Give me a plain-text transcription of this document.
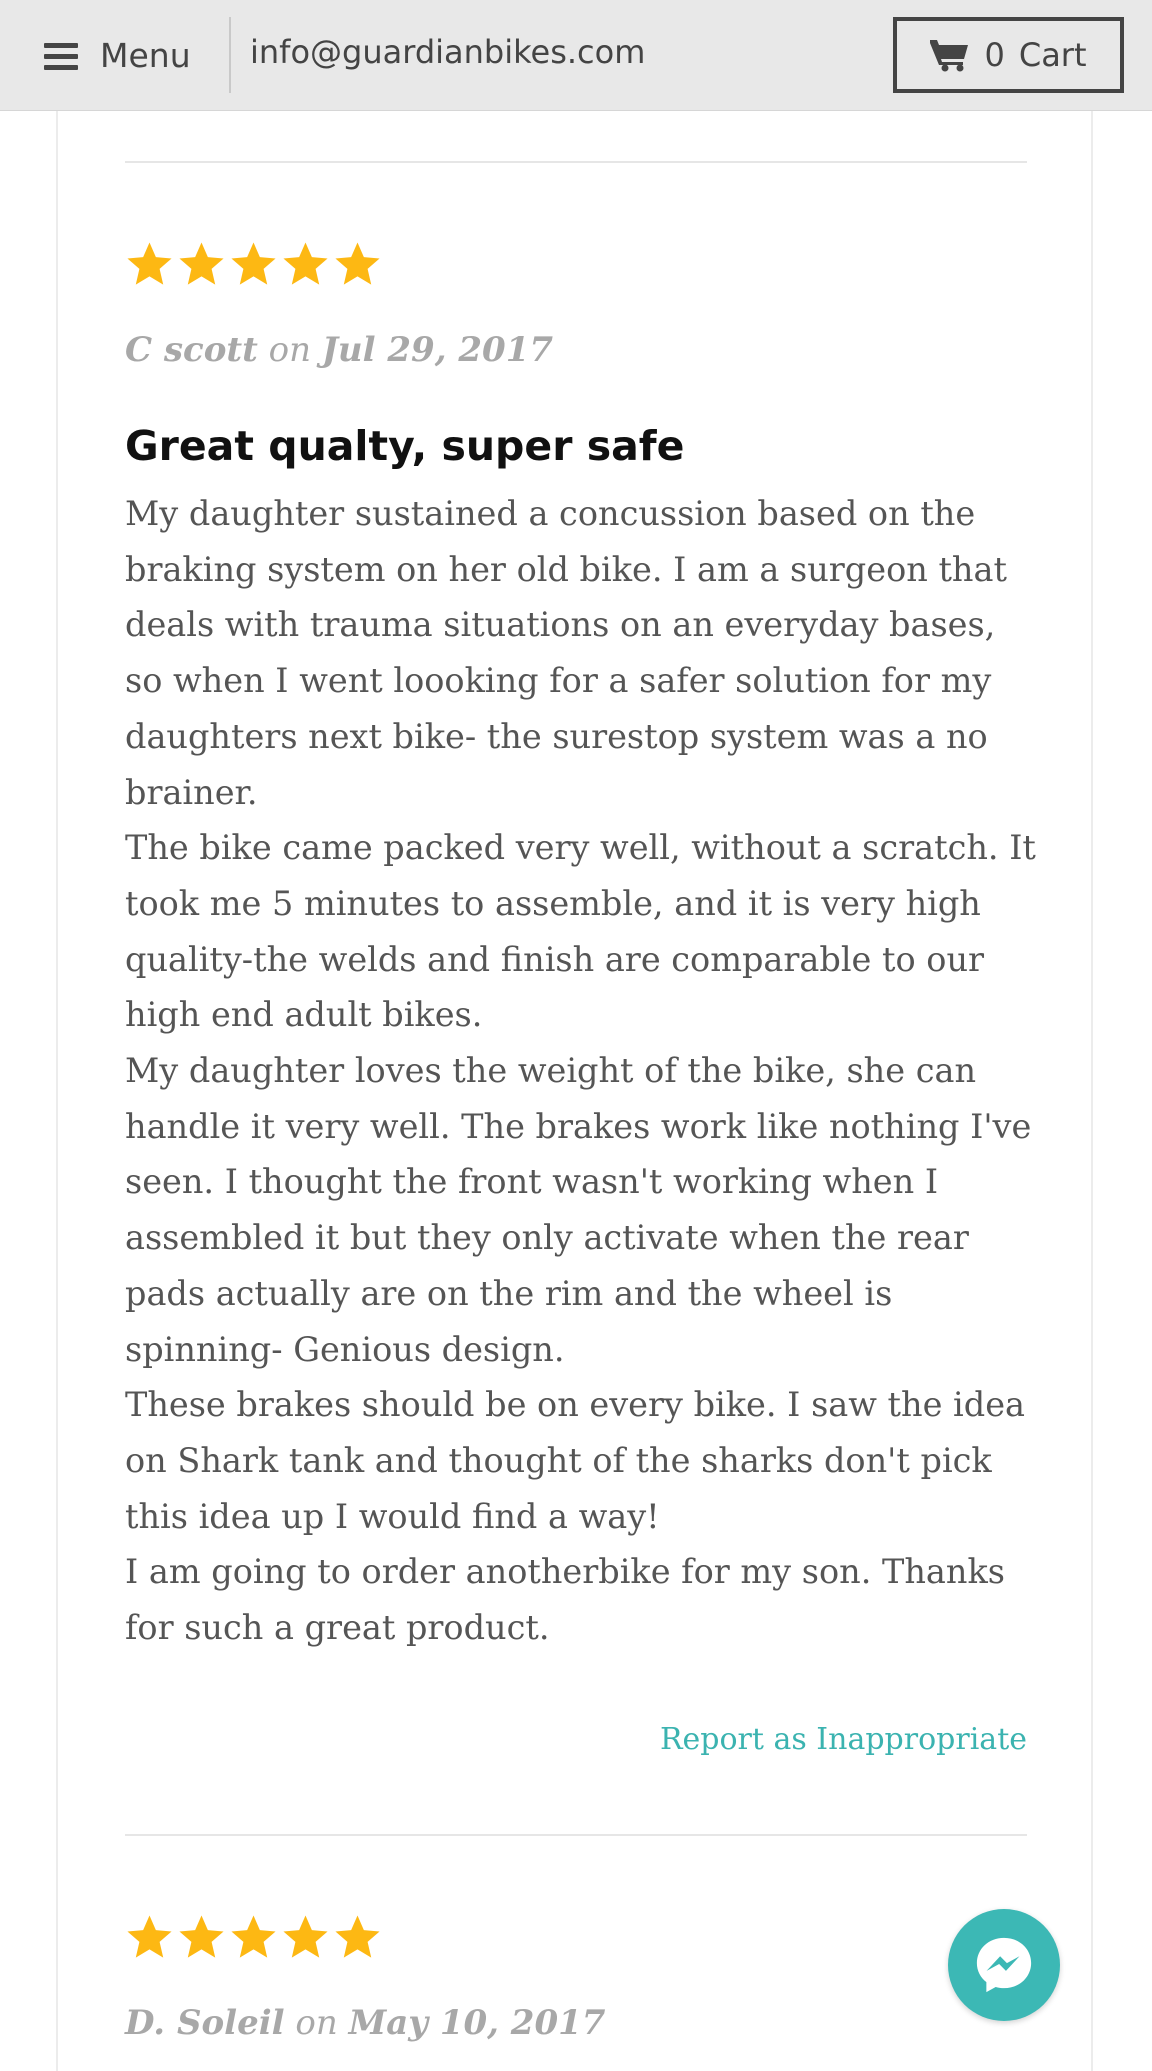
Menu info@guardianbikes.com	0 Cart
C scott on Jul 29, 2017
Great qualty, super safe

My daughter sustained a concussion based on the braking system on her old bike. I am a surgeon that deals with trauma situations on an everyday bases, so when I went loooking for a safer solution for my daughters next bike- the surestop system was a no brainer.

The bike came packed very well, without a scratch. It took me 5 minutes to assemble, and it is very high quality-the welds and finish are comparable to our high end adult bikes.

My daughter loves the weight of the bike, she can handle it very well. The brakes work like nothing I've seen. I thought the front wasn't working when I assembled it but they only activate when the rear pads actually are on the rim and the wheel is spinning- Genious design.

These brakes should be on every bike. I saw the idea on Shark tank and thought of the sharks don't pick this idea up I would find a way!

I am going to order anotherbike for my son. Thanks for such a great product.

Report as Inappropriate
D. Soleil on May 10, 2017
